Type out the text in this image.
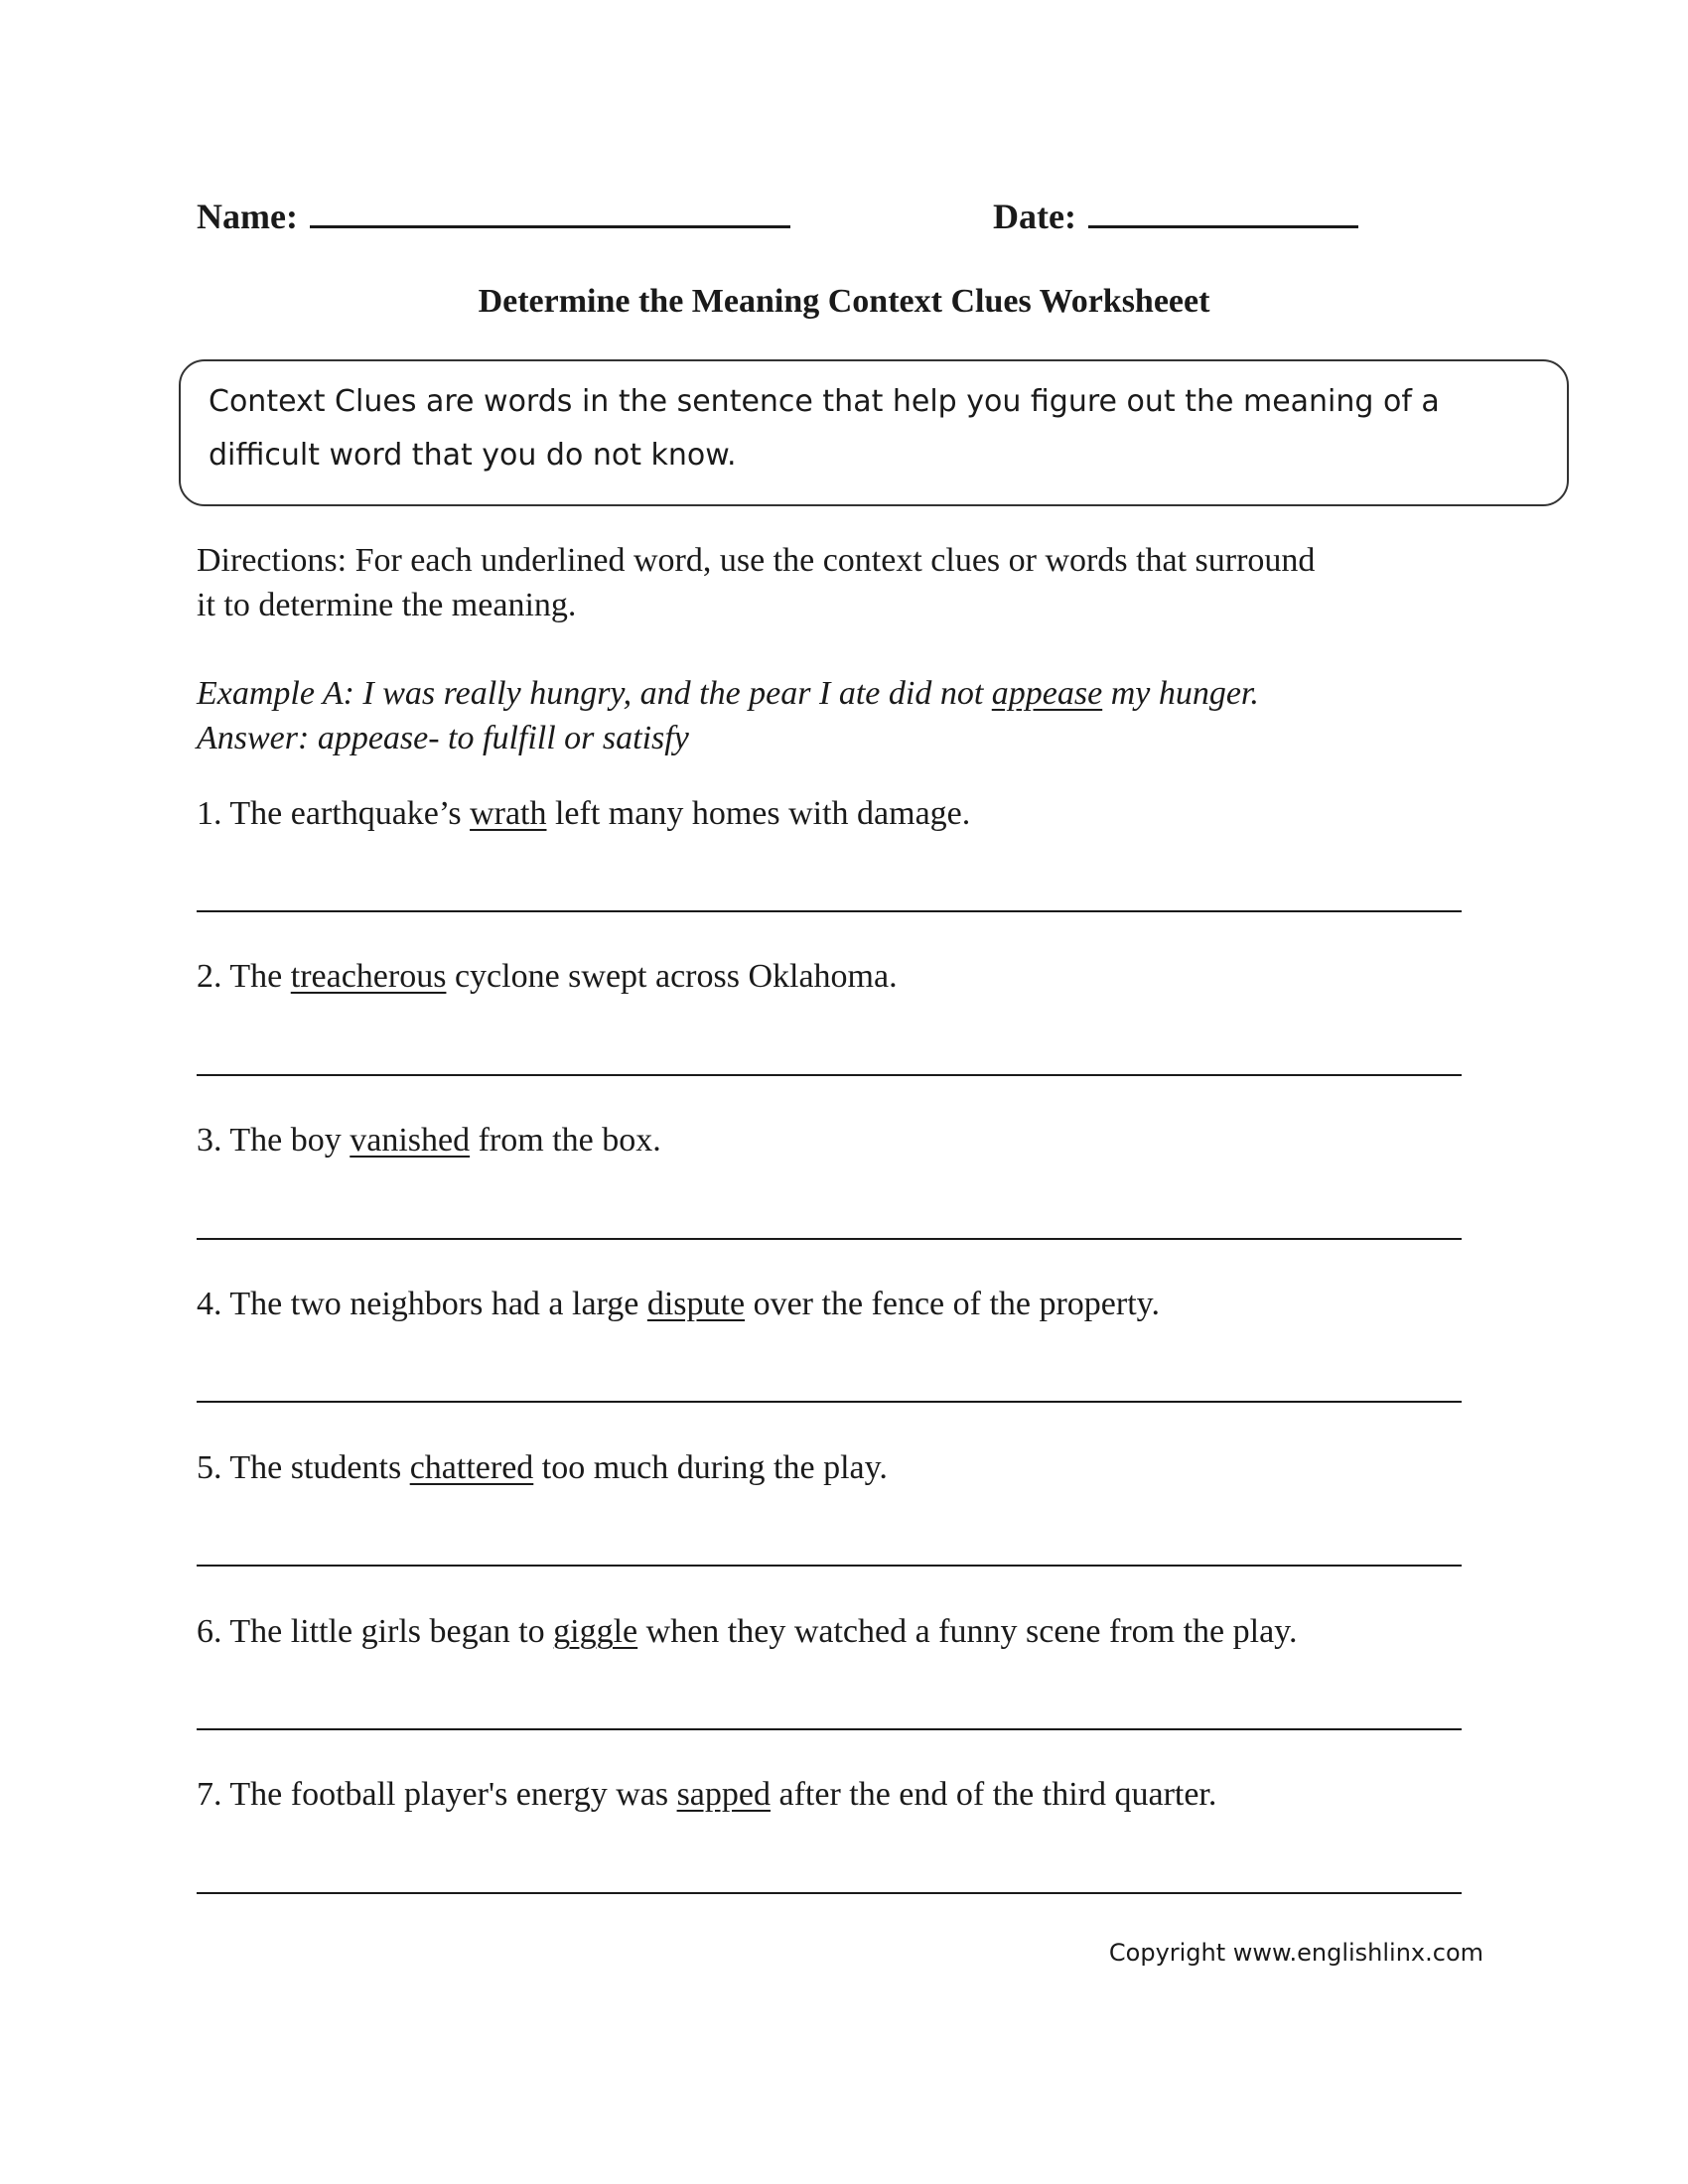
Name:	Date:
Determine the Meaning Context Clues Worksheeet
Context Clues are words in the sentence that help you figure out the meaning of a
difficult word that you do not know.
Directions: For each underlined word, use the context clues or words that surround
it to determine the meaning.
Example A: I was really hungry, and the pear I ate did not appease my hunger.
Answer: appease- to fulfill or satisfy
1. The earthquake’s wrath left many homes with damage.
2. The treacherous cyclone swept across Oklahoma.
3. The boy vanished from the box.
4. The two neighbors had a large dispute over the fence of the property.
5. The students chattered too much during the play.
6. The little girls began to giggle when they watched a funny scene from the play.
7. The football player's energy was sapped after the end of the third quarter.
Copyright www.englishlinx.com
